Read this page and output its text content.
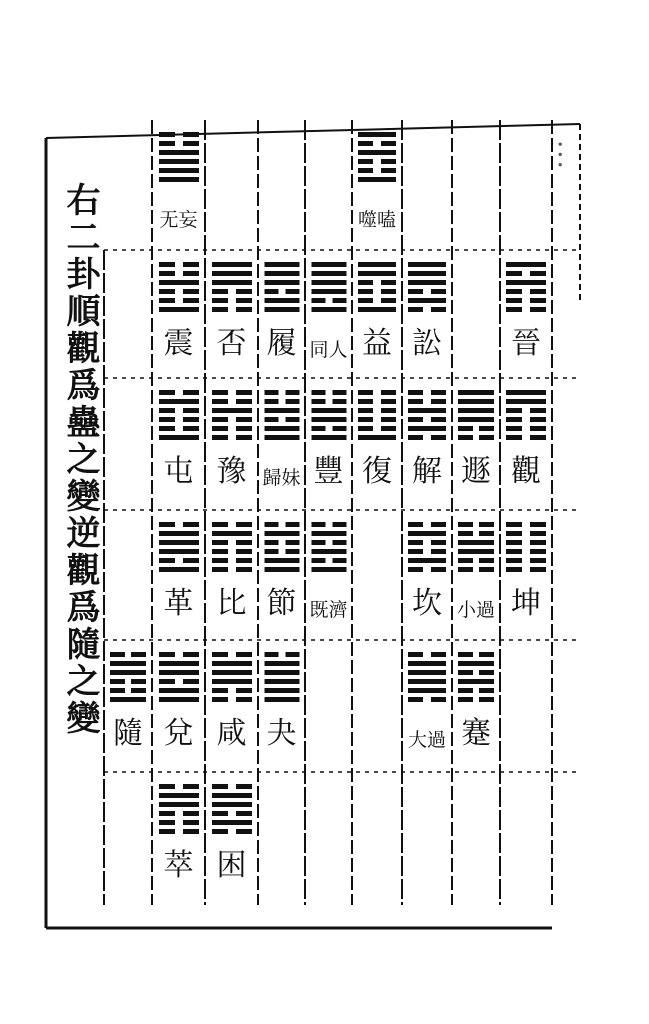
右二卦順觀爲蠱之變逆觀爲隨之變
...
隨
无妄
震
屯
革
兌
萃
否
豫
比
咸
困
履
歸妹
節
夬
同人
豐
既濟
噬嗑
益
復
訟
解
坎
大過
遯
小過
蹇
晉
觀
坤
